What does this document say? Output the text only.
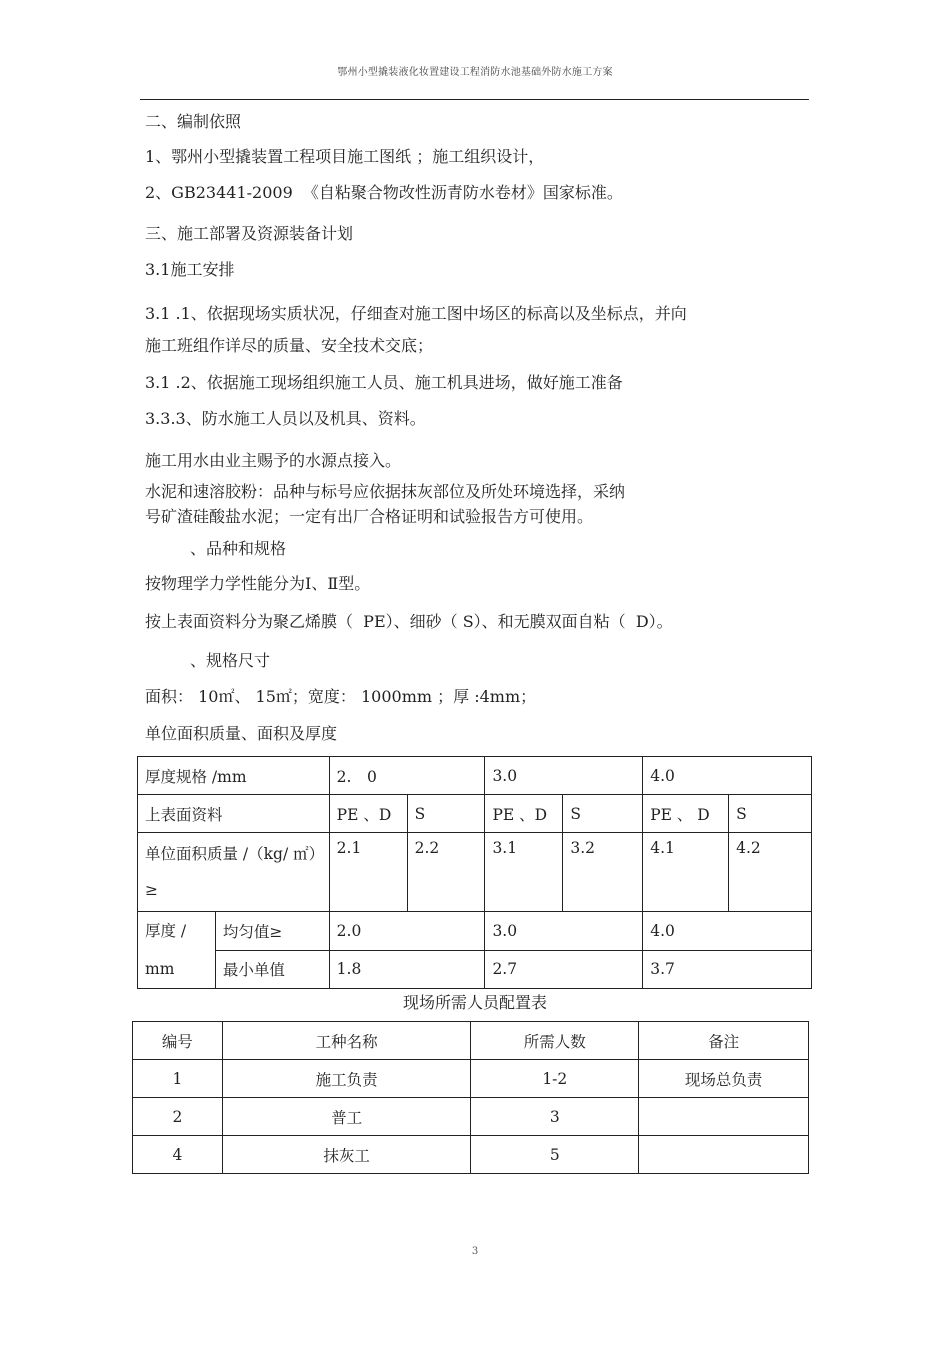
鄂州小型撬装液化妆置建设工程消防水池基础外防水施工方案
二、编制依照
1、鄂州小型撬装置工程项目施工图纸 ；施工组织设计，
2、GB23441-2009  《自粘聚合物改性沥青防水卷材》国家标准。
三、施工部署及资源装备计划
3.1施工安排
3.1 .1、依据现场实质状况，仔细查对施工图中场区的标高以及坐标点，并向
施工班组作详尽的质量、安全技术交底；
3.1 .2、依据施工现场组织施工人员、施工机具进场，做好施工准备
3.3.3、防水施工人员以及机具、资料。
施工用水由业主赐予的水源点接入。
水泥和速溶胶粉：品种与标号应依据抹灰部位及所处环境选择，采纳
号矿渣硅酸盐水泥；一定有出厂合格证明和试验报告方可使用。
、品种和规格
按物理学力学性能分为Ⅰ、Ⅱ型。
按上表面资料分为聚乙烯膜（  PE）、细砂（ S）、和无膜双面自粘（  D）。
、规格尺寸
面积： 10㎡、 15㎡；宽度： 1000mm ；厚 :4mm；
单位面积质量、面积及厚度
厚度规格 /mm		2.　0		3.0		4.0	
上表面资料		PE 、D	S	PE 、D	S	PE 、 D	S
单位面积质量 /（kg/ ㎡）≥		2.1	2.2	3.1	3.2	4.1	4.2
厚度 / mm	均匀值≥	2.0		3.0		4.0	
	最小单值	1.8		2.7		3.7	
现场所需人员配置表
编号	工种名称	所需人数	备注
1	施工负责	1-2	现场总负责
2	普工	3	
4	抹灰工	5	
3
